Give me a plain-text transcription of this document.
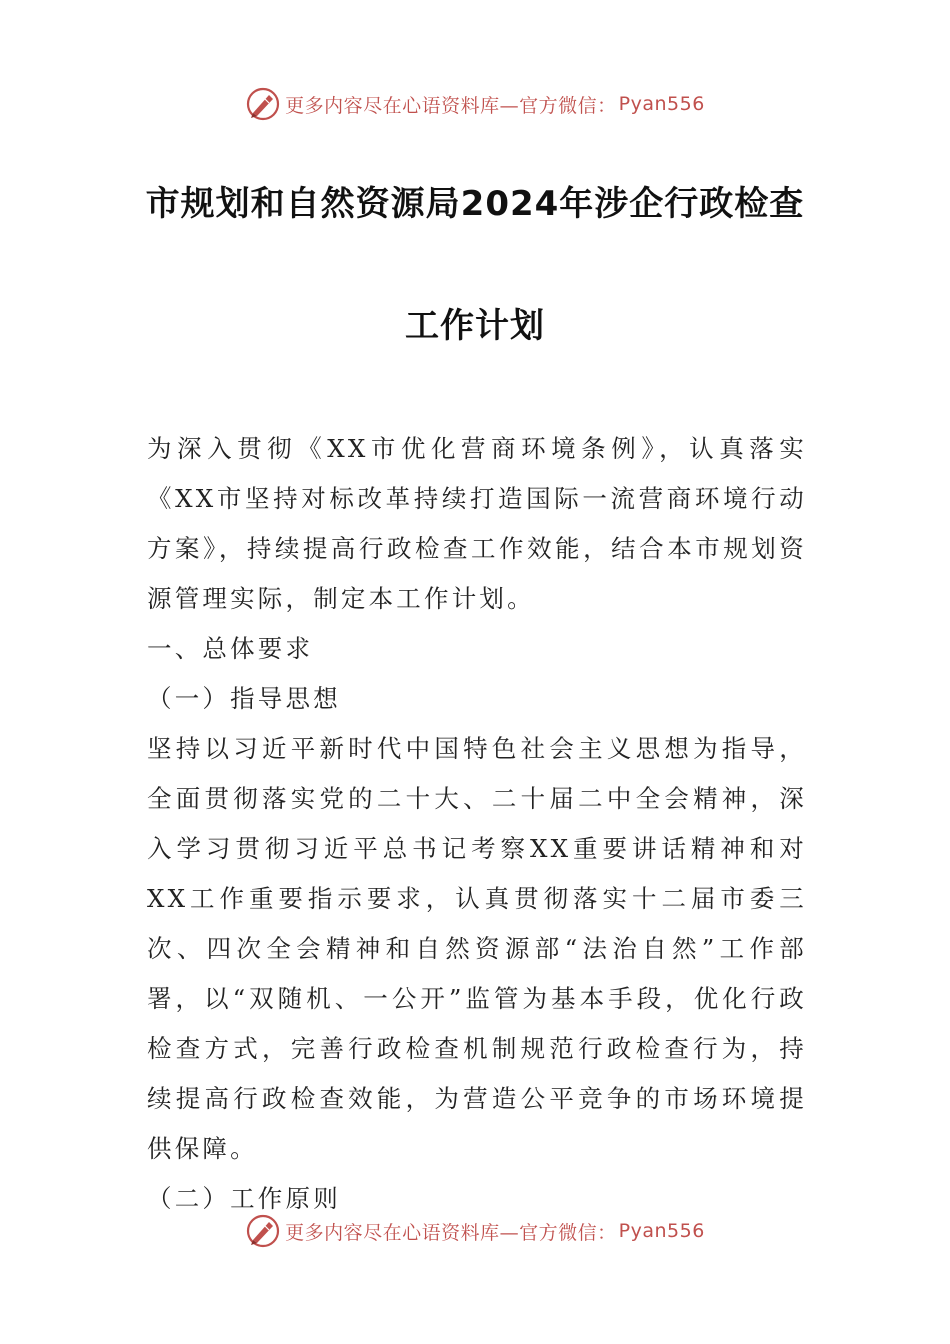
更多内容尽在心语资料库—官方微信： Pyan556
市规划和自然资源局2024年涉企行政检查
工作计划

为深入贯彻《XX市优化营商环境条例》，认真落实《XX市坚持对标改革持续打造国际一流营商环境行动方案》，持续提高行政检查工作效能，结合本市规划资源管理实际，制定本工作计划。

一、总体要求

（一）指导思想

坚持以习近平新时代中国特色社会主义思想为指导，全面贯彻落实党的二十大、二十届二中全会精神，深入学习贯彻习近平总书记考察XX重要讲话精神和对XX工作重要指示要求，认真贯彻落实十二届市委三次、四次全会精神和自然资源部“法治自然”工作部署，以“双随机、一公开”监管为基本手段，优化行政检查方式，完善行政检查机制规范行政检查行为，持续提高行政检查效能，为营造公平竞争的市场环境提供保障。

（二）工作原则

更多内容尽在心语资料库—官方微信： Pyan556
